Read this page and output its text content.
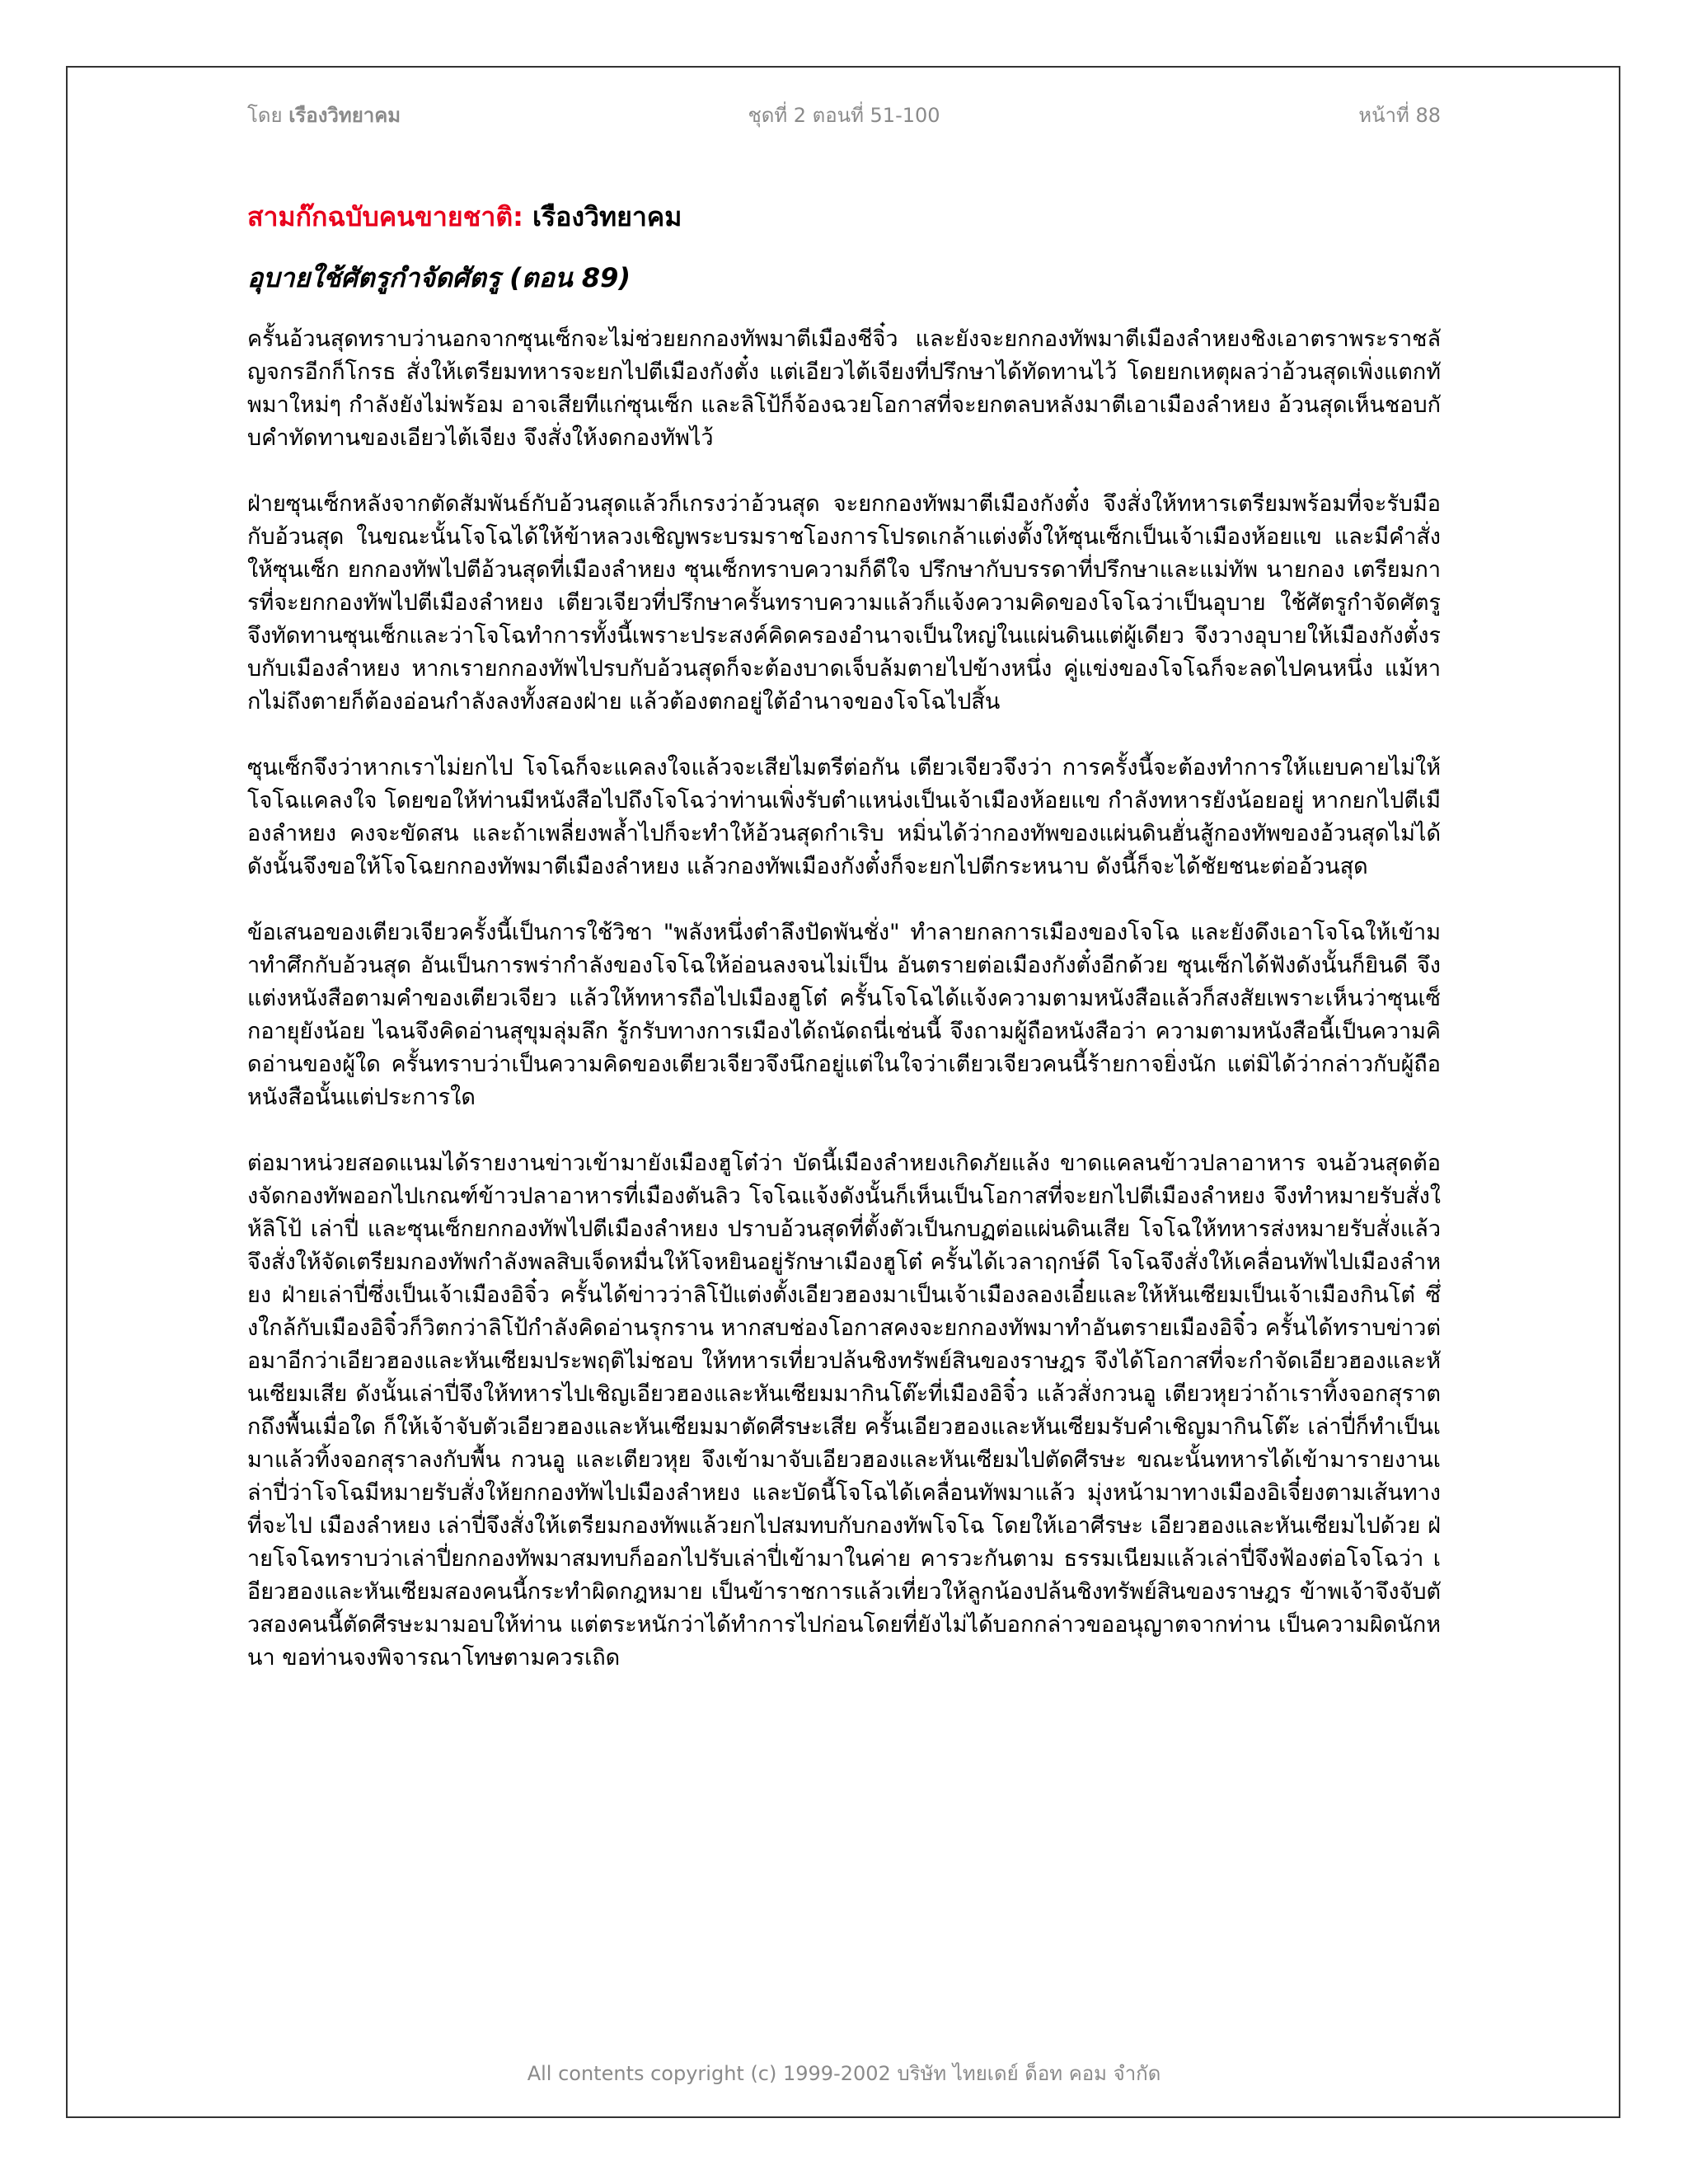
โดย เรืองวิทยาคม	ชุดที่ 2 ตอนที่ 51-100	หน้าที่ 88
สามก๊กฉบับคนขายชาติ: เรืองวิทยาคม
อุบายใช้ศัตรูกำจัดศัตรู (ตอน 89)

ครั้นอ้วนสุดทราบว่านอกจากซุนเซ็กจะไม่ช่วยยกกองทัพมาตีเมืองชีจิ๋ว และยังจะยกกองทัพมาตีเมืองลำหยงชิงเอาตราพระราชลัญจกรอีกก็โกรธ สั่งให้เตรียมทหารจะยกไปตีเมืองกังตั๋ง แต่เอียวไต้เจียงที่ปรึกษาได้ทัดทานไว้ โดยยกเหตุผลว่าอ้วนสุดเพิ่งแตกทัพมาใหม่ๆ กำลังยังไม่พร้อม อาจเสียทีแก่ซุนเซ็ก และลิโป้ก็จ้องฉวยโอกาสที่จะยกตลบหลังมาตีเอาเมืองลำหยง อ้วนสุดเห็นชอบกับคำทัดทานของเอียวไต้เจียง จึงสั่งให้งดกองทัพไว้

ฝ่ายซุนเซ็กหลังจากตัดสัมพันธ์กับอ้วนสุดแล้วก็เกรงว่าอ้วนสุด จะยกกองทัพมาตีเมืองกังตั๋ง จึงสั่งให้ทหารเตรียมพร้อมที่จะรับมือกับอ้วนสุด ในขณะนั้นโจโฉได้ให้ข้าหลวงเชิญพระบรมราชโองการโปรดเกล้าแต่งตั้งให้ซุนเซ็กเป็นเจ้าเมืองห้อยแข และมีคำสั่งให้ซุนเซ็ก ยกกองทัพไปตีอ้วนสุดที่เมืองลำหยง ซุนเซ็กทราบความก็ดีใจ ปรึกษากับบรรดาที่ปรึกษาและแม่ทัพ นายกอง เตรียมการที่จะยกกองทัพไปตีเมืองลำหยง เตียวเจียวที่ปรึกษาครั้นทราบความแล้วก็แจ้งความคิดของโจโฉว่าเป็นอุบาย ใช้ศัตรูกำจัดศัตรู จึงทัดทานซุนเซ็กและว่าโจโฉทำการทั้งนี้เพราะประสงค์คิดครองอำนาจเป็นใหญ่ในแผ่นดินแต่ผู้เดียว จึงวางอุบายให้เมืองกังตั๋งรบกับเมืองลำหยง หากเรายกกองทัพไปรบกับอ้วนสุดก็จะต้องบาดเจ็บล้มตายไปข้างหนึ่ง คู่แข่งของโจโฉก็จะลดไปคนหนึ่ง แม้หากไม่ถึงตายก็ต้องอ่อนกำลังลงทั้งสองฝ่าย แล้วต้องตกอยู่ใต้อำนาจของโจโฉไปสิ้น

ซุนเซ็กจึงว่าหากเราไม่ยกไป โจโฉก็จะแคลงใจแล้วจะเสียไมตรีต่อกัน เตียวเจียวจึงว่า การครั้งนี้จะต้องทำการให้แยบคายไม่ให้ โจโฉแคลงใจ โดยขอให้ท่านมีหนังสือไปถึงโจโฉว่าท่านเพิ่งรับตำแหน่งเป็นเจ้าเมืองห้อยแข กำลังทหารยังน้อยอยู่ หากยกไปตีเมืองลำหยง คงจะขัดสน และถ้าเพลี่ยงพล้ำไปก็จะทำให้อ้วนสุดกำเริบ หมิ่นได้ว่ากองทัพของแผ่นดินฮั่นสู้กองทัพของอ้วนสุดไม่ได้ ดังนั้นจึงขอให้โจโฉยกกองทัพมาตีเมืองลำหยง แล้วกองทัพเมืองกังตั๋งก็จะยกไปตีกระหนาบ ดังนี้ก็จะได้ชัยชนะต่ออ้วนสุด

ข้อเสนอของเตียวเจียวครั้งนี้เป็นการใช้วิชา "พลังหนึ่งตำลึงปัดพันชั่ง" ทำลายกลการเมืองของโจโฉ และยังดึงเอาโจโฉให้เข้ามาทำศึกกับอ้วนสุด อันเป็นการพร่ากำลังของโจโฉให้อ่อนลงจนไม่เป็น อันตรายต่อเมืองกังตั๋งอีกด้วย ซุนเซ็กได้ฟังดังนั้นก็ยินดี จึงแต่งหนังสือตามคำของเตียวเจียว แล้วให้ทหารถือไปเมืองฮูโต๋ ครั้นโจโฉได้แจ้งความตามหนังสือแล้วก็สงสัยเพราะเห็นว่าซุนเซ็กอายุยังน้อย ไฉนจึงคิดอ่านสุขุมลุ่มลึก รู้กรับทางการเมืองได้ถนัดถนี่เช่นนี้ จึงถามผู้ถือหนังสือว่า ความตามหนังสือนี้เป็นความคิดอ่านของผู้ใด ครั้นทราบว่าเป็นความคิดของเตียวเจียวจึงนึกอยู่แต่ในใจว่าเตียวเจียวคนนี้ร้ายกาจยิ่งนัก แต่มิได้ว่ากล่าวกับผู้ถือหนังสือนั้นแต่ประการใด

ต่อมาหน่วยสอดแนมได้รายงานข่าวเข้ามายังเมืองฮูโต๋ว่า บัดนี้เมืองลำหยงเกิดภัยแล้ง ขาดแคลนข้าวปลาอาหาร จนอ้วนสุดต้องจัดกองทัพออกไปเกณฑ์ข้าวปลาอาหารที่เมืองตันลิว โจโฉแจ้งดังนั้นก็เห็นเป็นโอกาสที่จะยกไปตีเมืองลำหยง จึงทำหมายรับสั่งให้ลิโป้ เล่าปี่ และซุนเซ็กยกกองทัพไปตีเมืองลำหยง ปราบอ้วนสุดที่ตั้งตัวเป็นกบฏต่อแผ่นดินเสีย โจโฉให้ทหารส่งหมายรับสั่งแล้วจึงสั่งให้จัดเตรียมกองทัพกำลังพลสิบเจ็ดหมื่นให้โจหยินอยู่รักษาเมืองฮูโต๋ ครั้นได้เวลาฤกษ์ดี โจโฉจึงสั่งให้เคลื่อนทัพไปเมืองลำหยง ฝ่ายเล่าปี่ซึ่งเป็นเจ้าเมืองอิจิ๋ว ครั้นได้ข่าวว่าลิโป้แต่งตั้งเอียวฮองมาเป็นเจ้าเมืองลองเอี๋ยและให้หันเซียมเป็นเจ้าเมืองกินโต๋ ซึ่งใกล้กับเมืองอิจิ๋วก็วิตกว่าลิโป้กำลังคิดอ่านรุกราน หากสบช่องโอกาสคงจะยกกองทัพมาทำอันตรายเมืองอิจิ๋ว ครั้นได้ทราบข่าวต่อมาอีกว่าเอียวฮองและหันเซียมประพฤติไม่ชอบ ให้ทหารเที่ยวปล้นชิงทรัพย์สินของราษฎร จึงได้โอกาสที่จะกำจัดเอียวฮองและหันเซียมเสีย ดังนั้นเล่าปี่จึงให้ทหารไปเชิญเอียวฮองและหันเซียมมากินโต๊ะที่เมืองอิจิ๋ว แล้วสั่งกวนอู เตียวหุยว่าถ้าเราทิ้งจอกสุราตกถึงพื้นเมื่อใด ก็ให้เจ้าจับตัวเอียวฮองและหันเซียมมาตัดศีรษะเสีย ครั้นเอียวฮองและหันเซียมรับคำเชิญมากินโต๊ะ เล่าปี่ก็ทำเป็นเมาแล้วทิ้งจอกสุราลงกับพื้น กวนอู และเตียวหุย จึงเข้ามาจับเอียวฮองและหันเซียมไปตัดศีรษะ ขณะนั้นทหารได้เข้ามารายงานเล่าปี่ว่าโจโฉมีหมายรับสั่งให้ยกกองทัพไปเมืองลำหยง และบัดนี้โจโฉได้เคลื่อนทัพมาแล้ว มุ่งหน้ามาทางเมืองอิเจี๋ยงตามเส้นทางที่จะไป เมืองลำหยง เล่าปี่จึงสั่งให้เตรียมกองทัพแล้วยกไปสมทบกับกองทัพโจโฉ โดยให้เอาศีรษะ เอียวฮองและหันเซียมไปด้วย ฝ่ายโจโฉทราบว่าเล่าปี่ยกกองทัพมาสมทบก็ออกไปรับเล่าปี่เข้ามาในค่าย คารวะกันตาม ธรรมเนียมแล้วเล่าปี่จึงฟ้องต่อโจโฉว่า เอียวฮองและหันเซียมสองคนนี้กระทำผิดกฎหมาย เป็นข้าราชการแล้วเที่ยวให้ลูกน้องปล้นชิงทรัพย์สินของราษฎร ข้าพเจ้าจึงจับตัวสองคนนี้ตัดศีรษะมามอบให้ท่าน แต่ตระหนักว่าได้ทำการไปก่อนโดยที่ยังไม่ได้บอกกล่าวขออนุญาตจากท่าน เป็นความผิดนักหนา ขอท่านจงพิจารณาโทษตามควรเถิด

All contents copyright (c) 1999-2002 บริษัท ไทยเดย์ ด็อท คอม จำกัด
